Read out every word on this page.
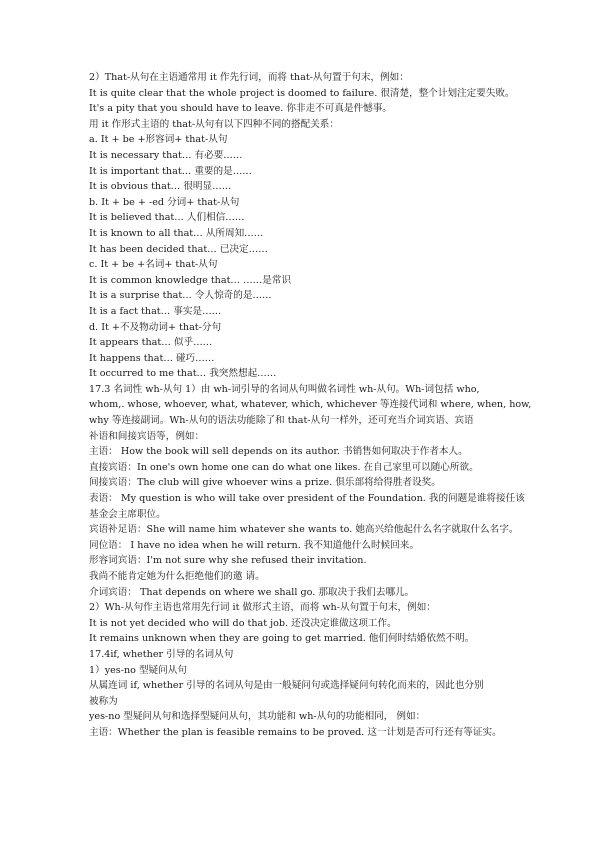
2）That-从句在主语通常用 it 作先行词，而将 that-从句置于句末，例如：
It is quite clear that the whole project is doomed to failure. 很清楚，整个计划注定要失败。
It's a pity that you should have to leave. 你非走不可真是件憾事。
用 it 作形式主语的 that-从句有以下四种不同的搭配关系：
a. It + be +形容词+ that-从句
It is necessary that… 有必要……
It is important that… 重要的是……
It is obvious that… 很明显……
b. It + be + -ed 分词+ that-从句
It is believed that… 人们相信……
It is known to all that… 从所周知……
It has been decided that… 已决定……
c. It + be +名词+ that-从句
It is common knowledge that… ……是常识
It is a surprise that… 令人惊奇的是……
It is a fact that… 事实是……
d. It +不及物动词+ that-分句
It appears that… 似乎……
It happens that… 碰巧……
It occurred to me that… 我突然想起……
17.3 名词性 wh-从句 1）由 wh-词引导的名词从句叫做名词性 wh-从句。Wh-词包括 who,
whom,. whose, whoever, what, whatever, which, whichever 等连接代词和 where, when, how,
why 等连接副词。Wh-从句的语法功能除了和 that-从句一样外，还可充当介词宾语、宾语
补语和间接宾语等，例如：
主语： How the book will sell depends on its author. 书销售如何取决于作者本人。
直接宾语：In one's own home one can do what one likes. 在自己家里可以随心所欲。
间接宾语：The club will give whoever wins a prize. 俱乐部将给得胜者设奖。
表语： My question is who will take over president of the Foundation. 我的问题是谁将接任该
基金会主席职位。
宾语补足语：She will name him whatever she wants to. 她高兴给他起什么名字就取什么名字。
同位语： I have no idea when he will return. 我不知道他什么时候回来。
形容词宾语：I'm not sure why she refused their invitation.
我尚不能肯定她为什么拒绝他们的邀 请。
介词宾语： That depends on where we shall go. 那取决于我们去哪儿。
2）Wh-从句作主语也常用先行词 it 做形式主语，而将 wh-从句置于句末，例如：
It is not yet decided who will do that job. 还没决定谁做这项工作。
It remains unknown when they are going to get married. 他们何时结婚依然不明。
17.4if, whether 引导的名词从句
1）yes-no 型疑问从句
从属连词 if, whether 引导的名词从句是由一般疑问句或选择疑问句转化而来的，因此也分别
被称为
yes-no 型疑问从句和选择型疑问从句，其功能和 wh-从句的功能相同， 例如：
主语：Whether the plan is feasible remains to be proved. 这一计划是否可行还有等证实。
